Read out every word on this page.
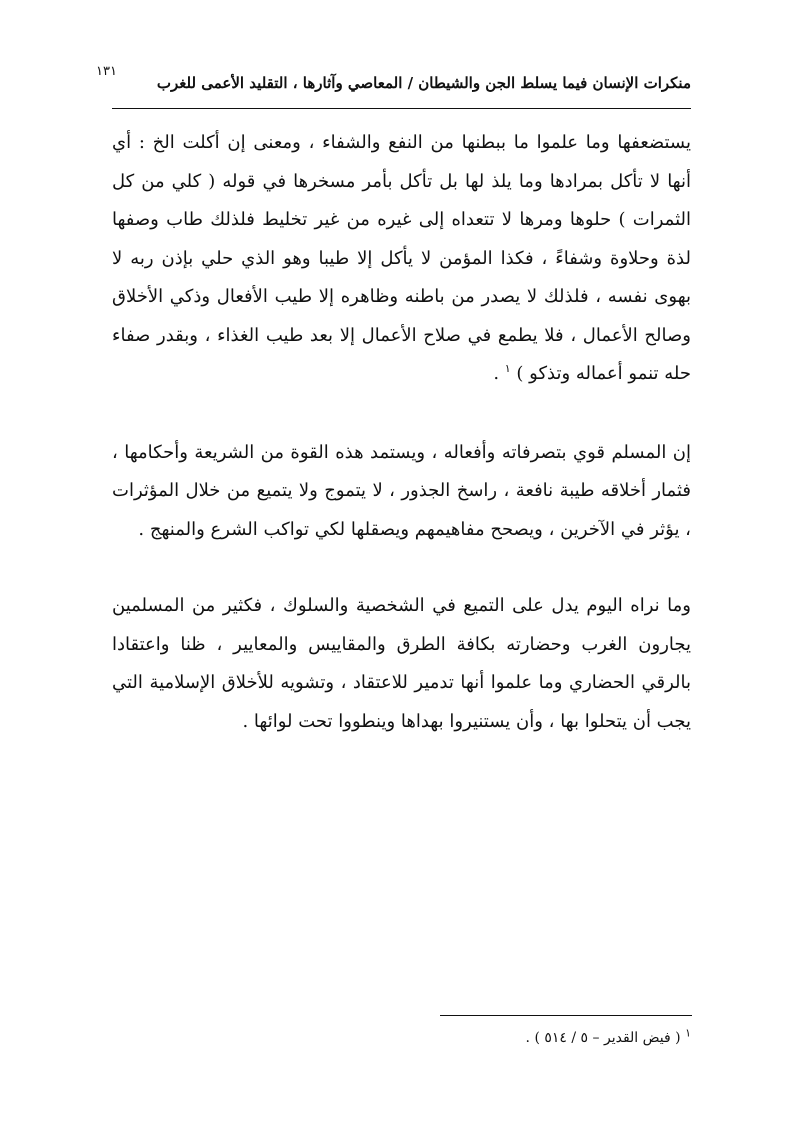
١٣١
منكرات الإنسان فيما يسلط الجن والشيطان / المعاصي وآثارها ، التقليد الأعمى للغرب

يستضعفها وما علموا ما ببطنها من النفع والشفاء ، ومعنى إن أكلت الخ : أي أنها لا تأكل بمرادها وما يلذ لها بل تأكل بأمر مسخرها في قوله ( كلي من كل الثمرات ) حلوها ومرها لا تتعداه إلى غيره من غير تخليط فلذلك طاب وصفها لذة وحلاوة وشفاءً ، فكذا المؤمن لا يأكل إلا طيبا وهو الذي حلي بإذن ربه لا بهوى نفسه ، فلذلك لا يصدر من باطنه وظاهره إلا طيب الأفعال وذكي الأخلاق وصالح الأعمال ، فلا يطمع في صلاح الأعمال إلا بعد طيب الغذاء ، وبقدر صفاء حله تنمو أعماله وتذكو ) $^١$ .

إن المسلم قوي بتصرفاته وأفعاله ، ويستمد هذه القوة من الشريعة وأحكامها ، فثمار أخلاقه طيبة نافعة ، راسخ الجذور ، لا يتموج ولا يتميع من خلال المؤثرات ، يؤثر في الآخرين ، ويصحح مفاهيمهم ويصقلها لكي تواكب الشرع والمنهج .

وما نراه اليوم يدل على التميع في الشخصية والسلوك ، فكثير من المسلمين يجارون الغرب وحضارته بكافة الطرق والمقاييس والمعايير ، ظنا واعتقادا بالرقي الحضاري وما علموا أنها تدمير للاعتقاد ، وتشويه للأخلاق الإسلامية التي يجب أن يتحلوا بها ، وأن يستنيروا بهداها وينطووا تحت لوائها .

$^١$ ( فيض القدير – ٥ / ٥١٤ ) .
